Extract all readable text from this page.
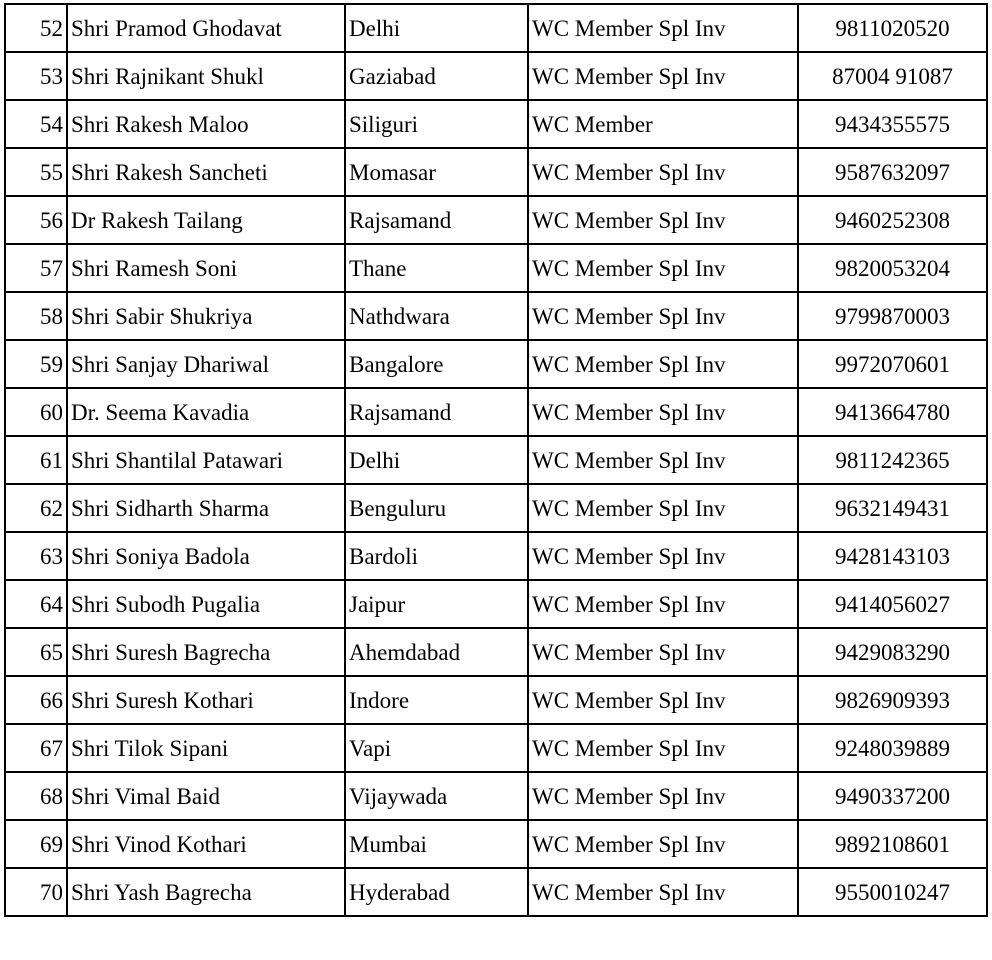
52	Shri Pramod Ghodavat	Delhi	WC Member Spl Inv	9811020520
53	Shri Rajnikant Shukl	Gaziabad	WC Member Spl Inv	87004 91087
54	Shri Rakesh Maloo	Siliguri	WC Member	9434355575
55	Shri Rakesh Sancheti	Momasar	WC Member Spl Inv	9587632097
56	Dr Rakesh Tailang	Rajsamand	WC Member Spl Inv	9460252308
57	Shri Ramesh Soni	Thane	WC Member Spl Inv	9820053204
58	Shri Sabir Shukriya	Nathdwara	WC Member Spl Inv	9799870003
59	Shri Sanjay Dhariwal	Bangalore	WC Member Spl Inv	9972070601
60	Dr. Seema Kavadia	Rajsamand	WC Member Spl Inv	9413664780
61	Shri Shantilal Patawari	Delhi	WC Member Spl Inv	9811242365
62	Shri Sidharth Sharma	Benguluru	WC Member Spl Inv	9632149431
63	Shri Soniya Badola	Bardoli	WC Member Spl Inv	9428143103
64	Shri Subodh Pugalia	Jaipur	WC Member Spl Inv	9414056027
65	Shri Suresh Bagrecha	Ahemdabad	WC Member Spl Inv	9429083290
66	Shri Suresh Kothari	Indore	WC Member Spl Inv	9826909393
67	Shri Tilok Sipani	Vapi	WC Member Spl Inv	9248039889
68	Shri Vimal Baid	Vijaywada	WC Member Spl Inv	9490337200
69	Shri Vinod Kothari	Mumbai	WC Member Spl Inv	9892108601
70	Shri Yash Bagrecha	Hyderabad	WC Member Spl Inv	9550010247
